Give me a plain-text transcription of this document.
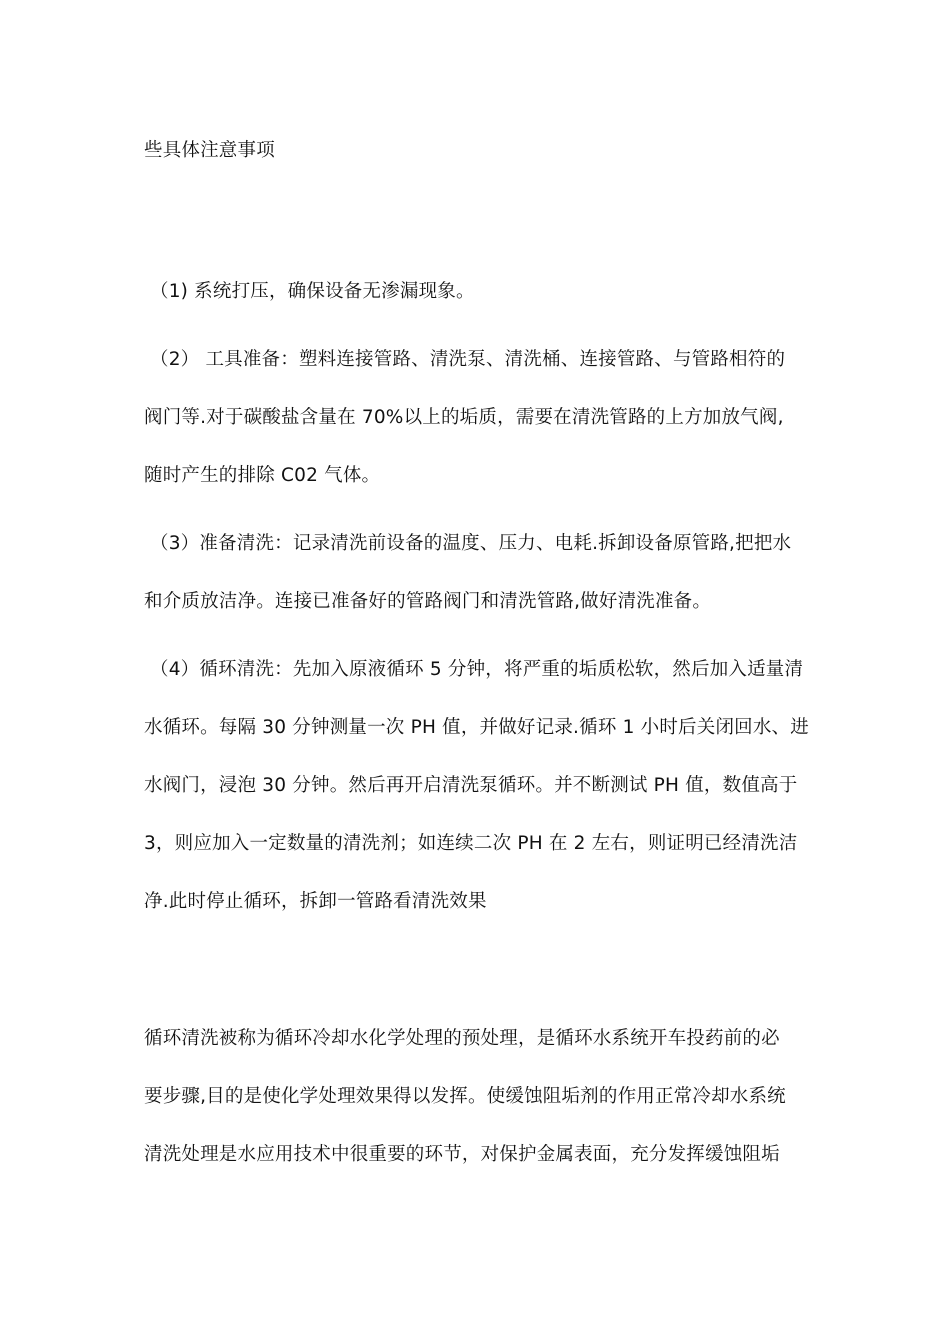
些具体注意事项
（1) 系统打压，确保设备无渗漏现象。
（2） 工具准备：塑料连接管路、清洗泵、清洗桶、连接管路、与管路相符的
阀门等.对于碳酸盐含量在 70%以上的垢质，需要在清洗管路的上方加放气阀,
随时产生的排除 C02 气体。
（3）准备清洗：记录清洗前设备的温度、压力、电耗.拆卸设备原管路,把把水
和介质放洁净。连接已准备好的管路阀门和清洗管路,做好清洗准备。
（4）循环清洗：先加入原液循环 5 分钟，将严重的垢质松软，然后加入适量清
水循环。每隔 30 分钟测量一次 PH 值，并做好记录.循环 1 小时后关闭回水、进
水阀门，浸泡 30 分钟。然后再开启清洗泵循环。并不断测试 PH 值，数值高于
3，则应加入一定数量的清洗剂；如连续二次 PH 在 2 左右，则证明已经清洗洁
净.此时停止循环，拆卸一管路看清洗效果
循环清洗被称为循环冷却水化学处理的预处理，是循环水系统开车投药前的必
要步骤,目的是使化学处理效果得以发挥。使缓蚀阻垢剂的作用正常冷却水系统
清洗处理是水应用技术中很重要的环节，对保护金属表面，充分发挥缓蚀阻垢
